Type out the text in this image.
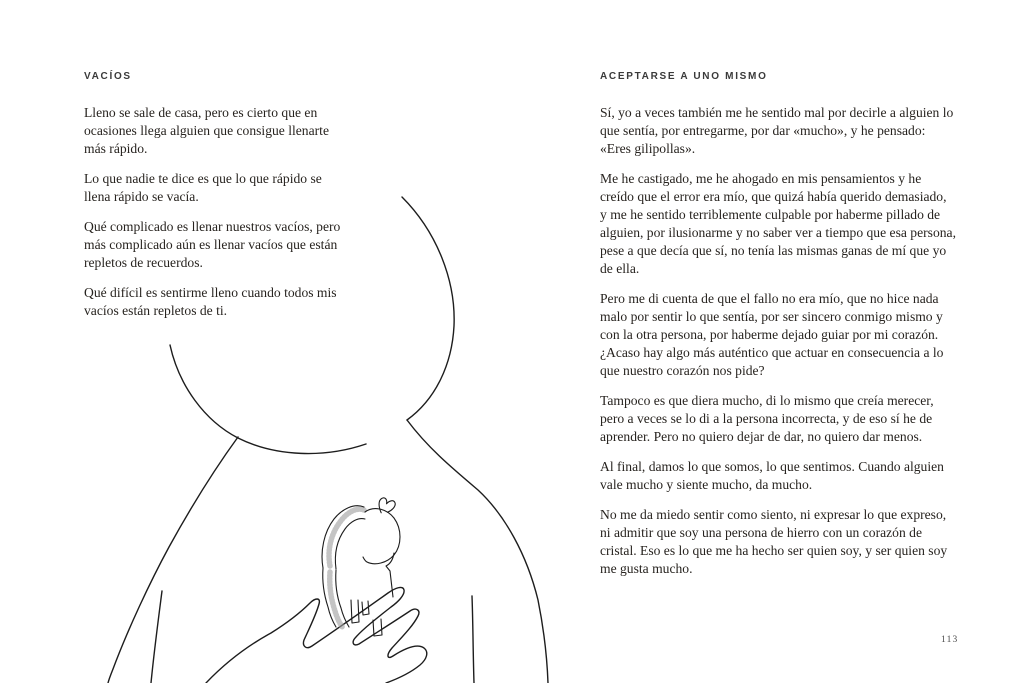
VACÍOS

Lleno se sale de casa, pero es cierto que en ocasiones llega alguien que consigue llenarte más rápido.

Lo que nadie te dice es que lo que rápido se llena rápido se vacía.

Qué complicado es llenar nuestros vacíos, pero más complicado aún es llenar vacíos que están repletos de recuerdos.

Qué difícil es sentirme lleno cuando todos mis vacíos están repletos de ti.

ACEPTARSE A UNO MISMO

Sí, yo a veces también me he sentido mal por decirle a alguien lo que sentía, por entregarme, por dar «mucho», y he pensado: «Eres gilipollas».

Me he castigado, me he ahogado en mis pensamientos y he creído que el error era mío, que quizá había querido demasiado, y me he sentido terriblemente culpable por haberme pillado de alguien, por ilusionarme y no saber ver a tiempo que esa persona, pese a que decía que sí, no tenía las mismas ganas de mí que yo de ella.

Pero me di cuenta de que el fallo no era mío, que no hice nada malo por sentir lo que sentía, por ser sincero conmigo mismo y con la otra persona, por haberme dejado guiar por mi corazón. ¿Acaso hay algo más auténtico que actuar en consecuencia a lo que nuestro corazón nos pide?

Tampoco es que diera mucho, di lo mismo que creía merecer, pero a veces se lo di a la persona incorrecta, y de eso sí he de aprender. Pero no quiero dejar de dar, no quiero dar menos.

Al final, damos lo que somos, lo que sentimos. Cuando alguien vale mucho y siente mucho, da mucho.

No me da miedo sentir como siento, ni expresar lo que expreso, ni admitir que soy una persona de hierro con un corazón de cristal. Eso es lo que me ha hecho ser quien soy, y ser quien soy me gusta mucho.

113
